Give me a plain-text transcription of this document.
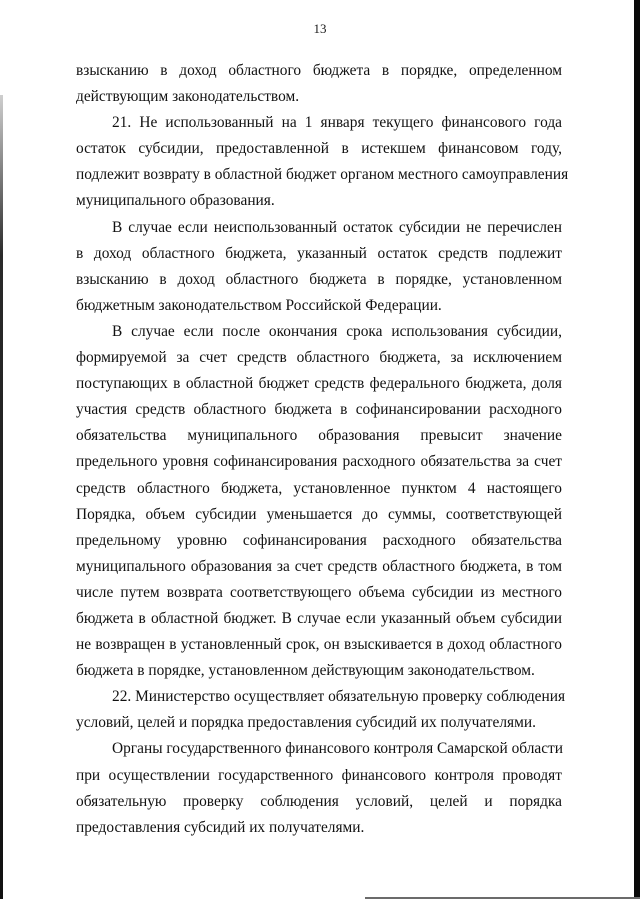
13

взысканию в доход областного бюджета в порядке, определенном
действующим законодательством.

21. Не использованный на 1 января текущего финансового года
остаток субсидии, предоставленной в истекшем финансовом году,
подлежит возврату в областной бюджет органом местного самоуправления
муниципального образования.

В случае если неиспользованный остаток субсидии не перечислен
в доход областного бюджета, указанный остаток средств подлежит
взысканию в доход областного бюджета в порядке, установленном
бюджетным законодательством Российской Федерации.

В случае если после окончания срока использования субсидии,
формируемой за счет средств областного бюджета, за исключением
поступающих в областной бюджет средств федерального бюджета, доля
участия средств областного бюджета в софинансировании расходного
обязательства муниципального образования превысит значение
предельного уровня софинансирования расходного обязательства за счет
средств областного бюджета, установленное пунктом 4 настоящего
Порядка, объем субсидии уменьшается до суммы, соответствующей
предельному уровню софинансирования расходного обязательства
муниципального образования за счет средств областного бюджета, в том
числе путем возврата соответствующего объема субсидии из местного
бюджета в областной бюджет. В случае если указанный объем субсидии
не возвращен в установленный срок, он взыскивается в доход областного
бюджета в порядке, установленном действующим законодательством.

22. Министерство осуществляет обязательную проверку соблюдения
условий, целей и порядка предоставления субсидий их получателями.

Органы государственного финансового контроля Самарской области
при осуществлении государственного финансового контроля проводят
обязательную проверку соблюдения условий, целей и порядка
предоставления субсидий их получателями.
